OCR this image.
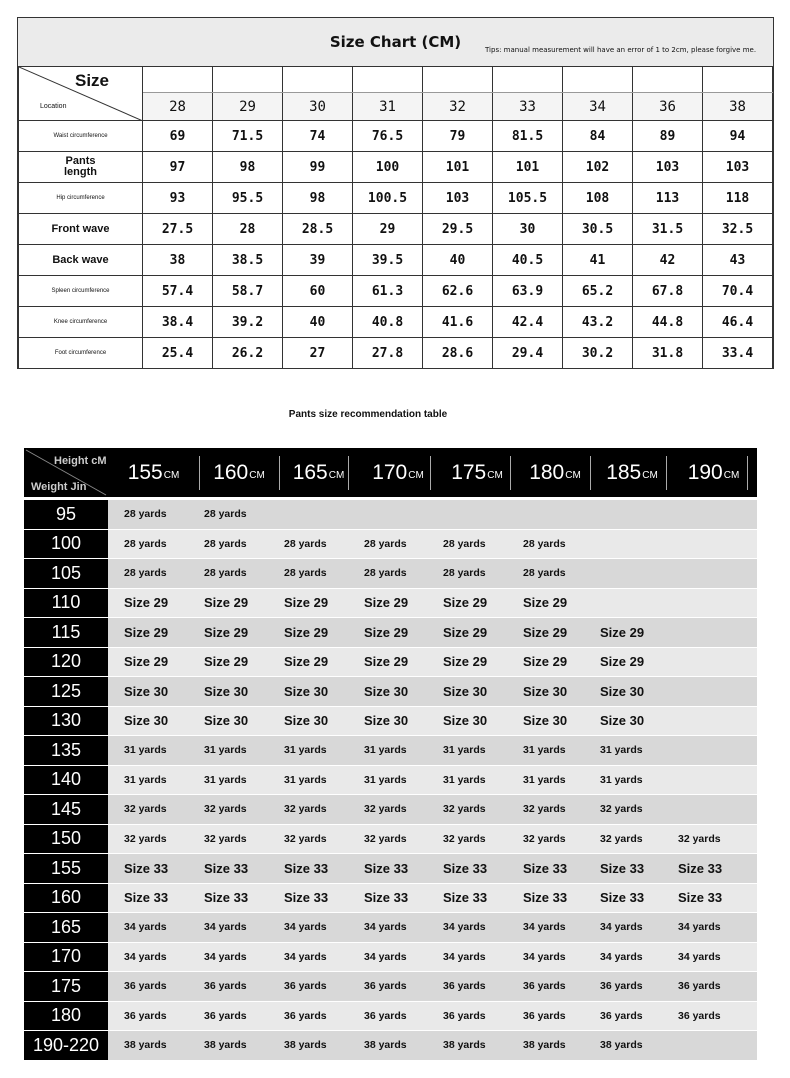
Size Chart (CM)	Tips: manual measurement will have an error of 1 to 2cm, please forgive me.
Size
Location									

	28	29	30	31	32	33	34	36	38
Waist circumference	69	71.5	74	76.5	79	81.5	84	89	94
Pants length	97	98	99	100	101	101	102	103	103
Hip circumference	93	95.5	98	100.5	103	105.5	108	113	118
Front wave	27.5	28	28.5	29	29.5	30	30.5	31.5	32.5
Back wave	38	38.5	39	39.5	40	40.5	41	42	43
Spleen circumference	57.4	58.7	60	61.3	62.6	63.9	65.2	67.8	70.4
Knee circumference	38.4	39.2	40	40.8	41.6	42.4	43.2	44.8	46.4
Foot circumference	25.4	26.2	27	27.8	28.6	29.4	30.2	31.8	33.4
Pants size recommendation table
Height cM
Weight Jin
155 CM 160 CM 165 CM 170 CM 175 CM 180 CM 185 CM 190 CM
95	28 yards	28 yards
100	28 yards	28 yards	28 yards	28 yards	28 yards	28 yards
105	28 yards	28 yards	28 yards	28 yards	28 yards	28 yards
110	Size 29	Size 29	Size 29	Size 29	Size 29	Size 29
115	Size 29	Size 29	Size 29	Size 29	Size 29	Size 29	Size 29
120	Size 29	Size 29	Size 29	Size 29	Size 29	Size 29	Size 29
125	Size 30	Size 30	Size 30	Size 30	Size 30	Size 30	Size 30
130	Size 30	Size 30	Size 30	Size 30	Size 30	Size 30	Size 30
135	31 yards	31 yards	31 yards	31 yards	31 yards	31 yards	31 yards
140	31 yards	31 yards	31 yards	31 yards	31 yards	31 yards	31 yards
145	32 yards	32 yards	32 yards	32 yards	32 yards	32 yards	32 yards
150	32 yards	32 yards	32 yards	32 yards	32 yards	32 yards	32 yards	32 yards
155	Size 33	Size 33	Size 33	Size 33	Size 33	Size 33	Size 33	Size 33
160	Size 33	Size 33	Size 33	Size 33	Size 33	Size 33	Size 33	Size 33
165	34 yards	34 yards	34 yards	34 yards	34 yards	34 yards	34 yards	34 yards
170	34 yards	34 yards	34 yards	34 yards	34 yards	34 yards	34 yards	34 yards
175	36 yards	36 yards	36 yards	36 yards	36 yards	36 yards	36 yards	36 yards
180	36 yards	36 yards	36 yards	36 yards	36 yards	36 yards	36 yards	36 yards
190-220	38 yards	38 yards	38 yards	38 yards	38 yards	38 yards	38 yards
